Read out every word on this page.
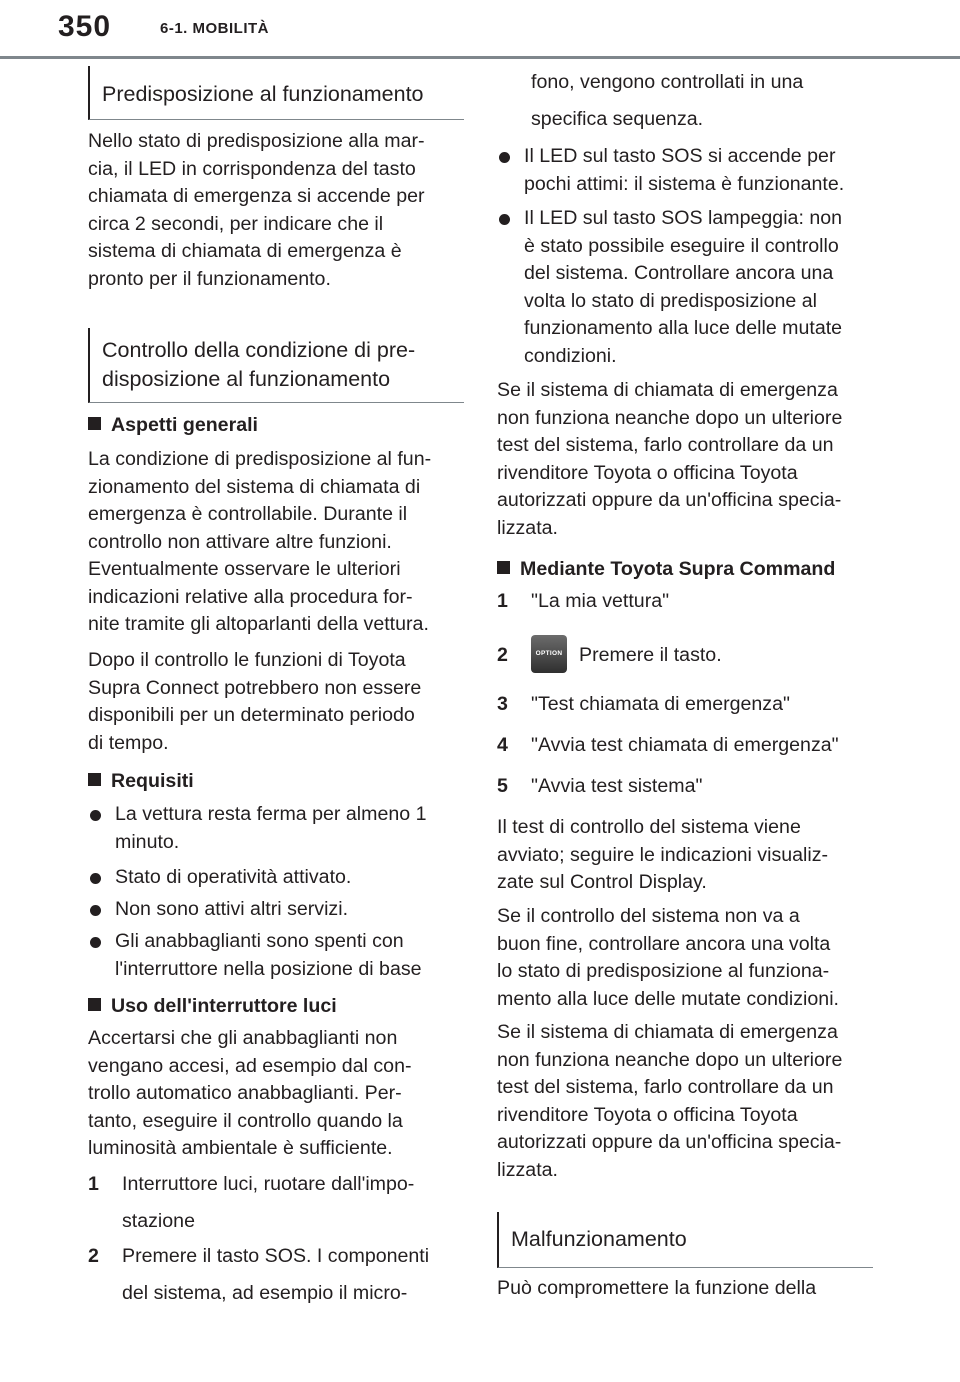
350	6-1. MOBILITÀ
Predisposizione al funzionamento
Nello stato di predisposizione alla mar-
cia, il LED in corrispondenza del tasto
chiamata di emergenza si accende per
circa 2 secondi, per indicare che il
sistema di chiamata di emergenza è
pronto per il funzionamento.
Controllo della condizione di pre-
disposizione al funzionamento
Aspetti generali
La condizione di predisposizione al fun-
zionamento del sistema di chiamata di
emergenza è controllabile. Durante il
controllo non attivare altre funzioni.
Eventualmente osservare le ulteriori
indicazioni relative alla procedura for-
nite tramite gli altoparlanti della vettura.
Dopo il controllo le funzioni di Toyota
Supra Connect potrebbero non essere
disponibili per un determinato periodo
di tempo.
Requisiti
La vettura resta ferma per almeno 1
minuto.
Stato di operatività attivato.
Non sono attivi altri servizi.
Gli anabbaglianti sono spenti con
l'interruttore nella posizione di base
Uso dell'interruttore luci
Accertarsi che gli anabbaglianti non
vengano accesi, ad esempio dal con-
trollo automatico anabbaglianti. Per-
tanto, eseguire il controllo quando la
luminosità ambientale è sufficiente.
1 Interruttore luci, ruotare dall'impo-
stazione
2 Premere il tasto SOS. I componenti
del sistema, ad esempio il micro-
fono, vengono controllati in una
specifica sequenza.
Il LED sul tasto SOS si accende per
pochi attimi: il sistema è funzionante.
Il LED sul tasto SOS lampeggia: non
è stato possibile eseguire il controllo
del sistema. Controllare ancora una
volta lo stato di predisposizione al
funzionamento alla luce delle mutate
condizioni.
Se il sistema di chiamata di emergenza
non funziona neanche dopo un ulteriore
test del sistema, farlo controllare da un
rivenditore Toyota o officina Toyota
autorizzati oppure da un'officina specia-
lizzata.
Mediante Toyota Supra Command
1 "La mia vettura"
2	OPTION Premere il tasto.
3 "Test chiamata di emergenza"
4 "Avvia test chiamata di emergenza"
5 "Avvia test sistema"
Il test di controllo del sistema viene
avviato; seguire le indicazioni visualiz-
zate sul Control Display.
Se il controllo del sistema non va a
buon fine, controllare ancora una volta
lo stato di predisposizione al funziona-
mento alla luce delle mutate condizioni.
Se il sistema di chiamata di emergenza
non funziona neanche dopo un ulteriore
test del sistema, farlo controllare da un
rivenditore Toyota o officina Toyota
autorizzati oppure da un'officina specia-
lizzata.
Malfunzionamento
Può compromettere la funzione della
